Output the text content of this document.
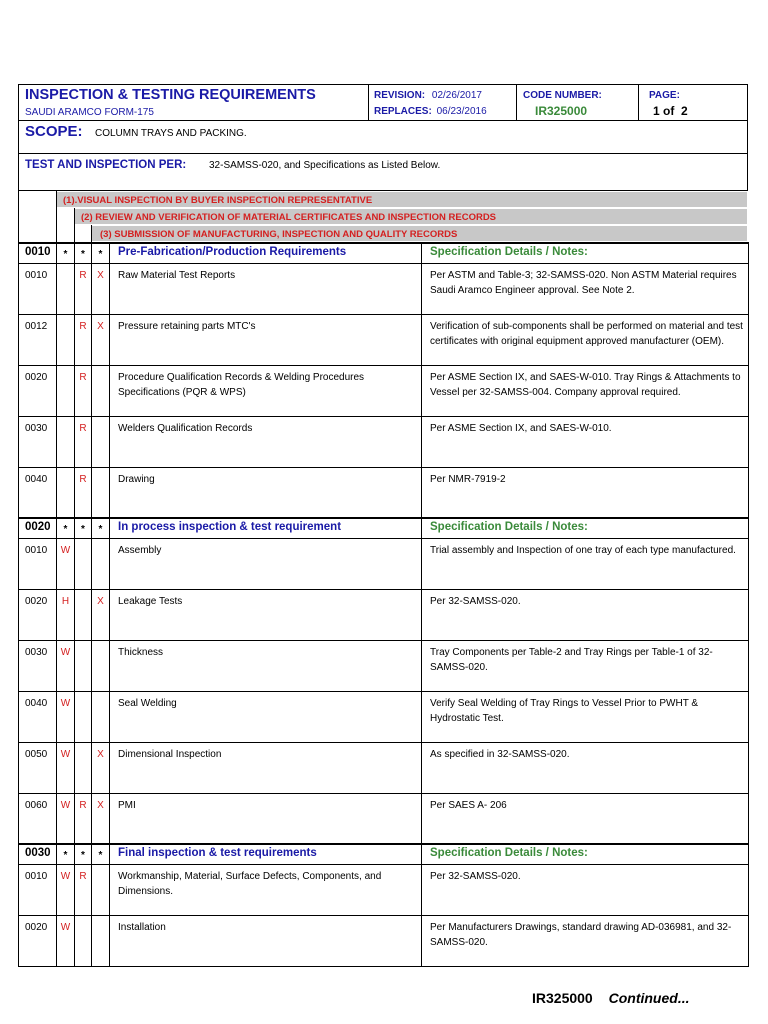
INSPECTION & TESTING REQUIREMENTS
SAUDI ARAMCO FORM-175
REVISION: 02/26/2017
REPLACES: 06/23/2016
CODE NUMBER:
IR325000
PAGE:
1 of  2
SCOPE: COLUMN TRAYS AND PACKING.
TEST AND INSPECTION PER: 32-SAMSS-020, and Specifications as Listed Below.
(1).VISUAL INSPECTION BY BUYER INSPECTION REPRESENTATIVE
(2) REVIEW AND VERIFICATION OF MATERIAL CERTIFICATES AND INSPECTION RECORDS
(3) SUBMISSION OF MANUFACTURING, INSPECTION AND QUALITY RECORDS
0010	*	*	*	Pre-Fabrication/Production Requirements	Specification Details / Notes:
0010		R	X	Raw Material Test Reports	Per ASTM and Table-3; 32-SAMSS-020. Non ASTM Material requires Saudi Aramco Engineer approval. See Note 2.
0012		R	X	Pressure retaining parts MTC's	Verification of sub-components shall be performed on material and test certificates with original equipment approved manufacturer (OEM).
0020		R		Procedure Qualification Records & Welding Procedures Specifications (PQR & WPS)	Per ASME Section IX, and SAES-W-010. Tray Rings & Attachments to Vessel per 32-SAMSS-004. Company approval required.
0030		R		Welders Qualification Records	Per ASME Section IX, and SAES-W-010.
0040		R		Drawing	Per NMR-7919-2
0020	*	*	*	In process inspection & test requirement	Specification Details / Notes:
0010	W			Assembly	Trial assembly and Inspection of one tray of each type manufactured.
0020	H		X	Leakage Tests	Per 32-SAMSS-020.
0030	W			Thickness	Tray Components per Table-2 and Tray Rings per Table-1 of 32-SAMSS-020.
0040	W			Seal Welding	Verify Seal Welding of Tray Rings to Vessel Prior to PWHT & Hydrostatic Test.
0050	W		X	Dimensional Inspection	As specified in 32-SAMSS-020.
0060	W	R	X	PMI	Per SAES A- 206
0030	*	*	*	Final inspection & test requirements	Specification Details / Notes:
0010	W	R		Workmanship, Material, Surface Defects, Components, and Dimensions.	Per 32-SAMSS-020.
0020	W			Installation	Per Manufacturers Drawings, standard drawing AD-036981, and 32-SAMSS-020.
IR325000 Continued...
